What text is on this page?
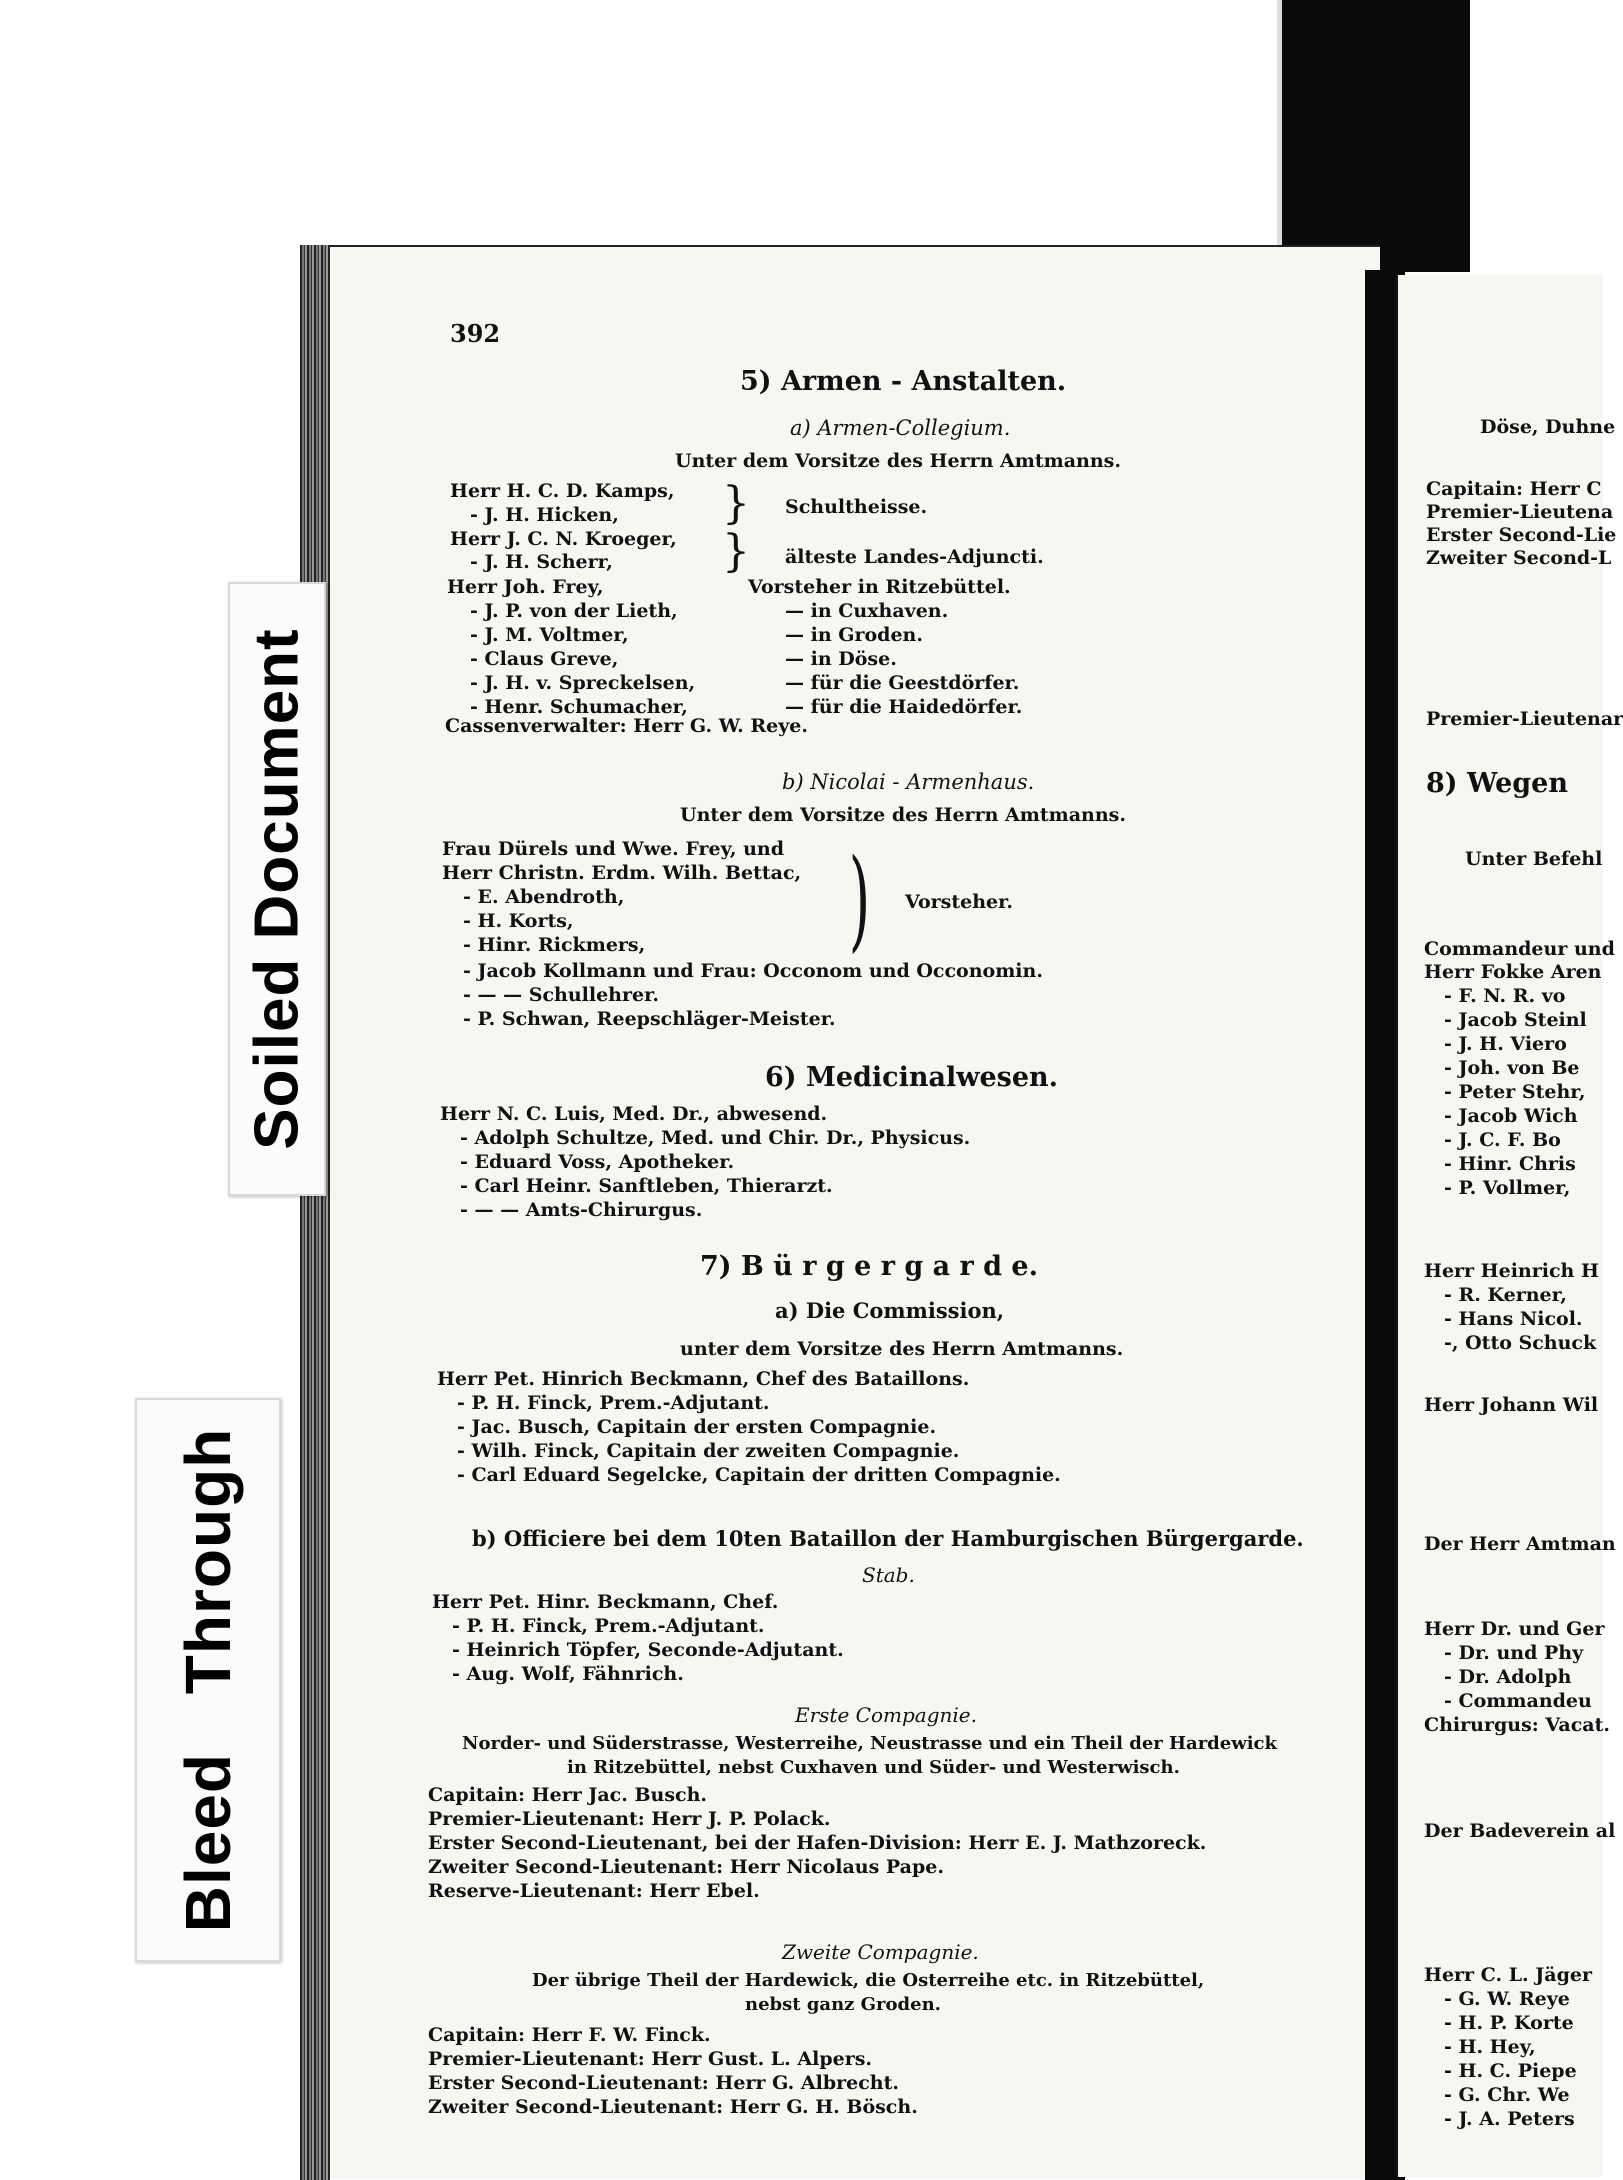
Soiled Document
Bleed Through
392
5) Armen - Anstalten.
a) Armen-Collegium.
Unter dem Vorsitze des Herrn Amtmanns.
Herr H. C. D. Kamps,
- J. H. Hicken,	Schultheisse.
Herr J. C. N. Kroeger,
- J. H. Scherr,	älteste Landes-Adjuncti.
Herr Joh. Frey,	Vorsteher in Ritzebüttel.
- J. P. von der Lieth,	— in Cuxhaven.
- J. M. Voltmer,	— in Groden.
- Claus Greve,	— in Döse.
- J. H. v. Spreckelsen,	— für die Geestdörfer.
- Henr. Schumacher,	— für die Haidedörfer.
}
}
Cassenverwalter: Herr G. W. Reye.
b) Nicolai - Armenhaus.
Unter dem Vorsitze des Herrn Amtmanns.
Frau Dürels und Wwe. Frey, und
Herr Christn. Erdm. Wilh. Bettac,
- E. Abendroth,
- H. Korts,
- Hinr. Rickmers,
- Jacob Kollmann und Frau: Occonom und Occonomin.
- — — Schullehrer.
- P. Schwan, Reepschläger-Meister.
) Vorsteher.
6) Medicinalwesen.
Herr N. C. Luis, Med. Dr., abwesend.
- Adolph Schultze, Med. und Chir. Dr., Physicus.
- Eduard Voss, Apotheker.
- Carl Heinr. Sanftleben, Thierarzt.
- — — Amts-Chirurgus.
7) B ü r g e r g a r d e.
a) Die Commission,
unter dem Vorsitze des Herrn Amtmanns.
Herr Pet. Hinrich Beckmann, Chef des Bataillons.
- P. H. Finck, Prem.-Adjutant.
- Jac. Busch, Capitain der ersten Compagnie.
- Wilh. Finck, Capitain der zweiten Compagnie.
- Carl Eduard Segelcke, Capitain der dritten Compagnie.
b) Officiere bei dem 10ten Bataillon der Hamburgischen Bürgergarde.
Stab.
Herr Pet. Hinr. Beckmann, Chef.
- P. H. Finck, Prem.-Adjutant.
- Heinrich Töpfer, Seconde-Adjutant.
- Aug. Wolf, Fähnrich.
Erste Compagnie.
Norder- und Süderstrasse, Westerreihe, Neustrasse und ein Theil der Hardewick
in Ritzebüttel, nebst Cuxhaven und Süder- und Westerwisch.
Capitain: Herr Jac. Busch.
Premier-Lieutenant: Herr J. P. Polack.
Erster Second-Lieutenant, bei der Hafen-Division: Herr E. J. Mathzoreck.
Zweiter Second-Lieutenant: Herr Nicolaus Pape.
Reserve-Lieutenant: Herr Ebel.
Zweite Compagnie.
Der übrige Theil der Hardewick, die Osterreihe etc. in Ritzebüttel,
nebst ganz Groden.
Capitain: Herr F. W. Finck.
Premier-Lieutenant: Herr Gust. L. Alpers.
Erster Second-Lieutenant: Herr G. Albrecht.
Zweiter Second-Lieutenant: Herr G. H. Bösch.
Döse, Duhne
Capitain: Herr C
Premier-Lieutena
Erster Second-Lie
Zweiter Second-L
Premier-Lieutenar
8) Wegen
Unter Befehl
Commandeur und
Herr Fokke Aren
- F. N. R. vo
- Jacob Steinl
- J. H. Viero
- Joh. von Be
- Peter Stehr,
- Jacob Wich
- J. C. F. Bo
- Hinr. Chris
- P. Vollmer,
Herr Heinrich H
- R. Kerner,
- Hans Nicol.
-, Otto Schuck
Herr Johann Wil
Der Herr Amtman
Herr Dr. und Ger
- Dr. und Phy
- Dr. Adolph
- Commandeu
Chirurgus: Vacat.
Der Badeverein al
Herr C. L. Jäger
- G. W. Reye
- H. P. Korte
- H. Hey,
- H. C. Piepe
- G. Chr. We
- J. A. Peters
